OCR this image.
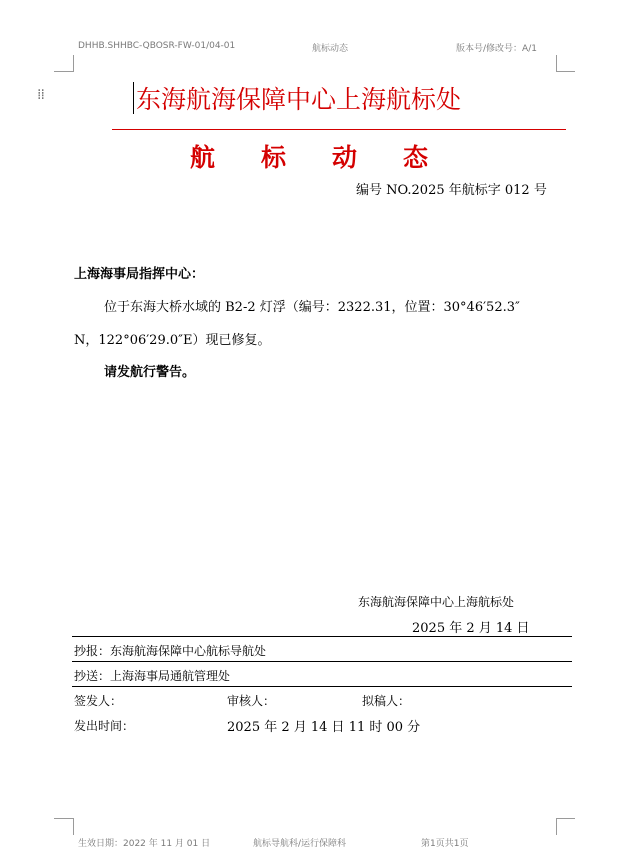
DHHB.SHHBC-QBOSR-FW-01/04-01	航标动态	版本号/修改号：A/1
⁞⁞	东海航海保障中心上海航标处
航 标 动 态
编号 NO.2025 年航标字 012 号
上海海事局指挥中心：
位于东海大桥水域的 B2-2 灯浮（编号：2322.31，位置：30°46′52.3″
N，122°06′29.0″E）现已修复。
请发航行警告。
东海航海保障中心上海航标处
2025 年 2 月 14 日
抄报：东海航海保障中心航标导航处
抄送：上海海事局通航管理处
签发人：	审核人：	拟稿人：
发出时间：	2025 年 2 月 14 日 11 时 00 分
生效日期：2022 年 11 月 01 日	航标导航科/运行保障科	第1页共1页
